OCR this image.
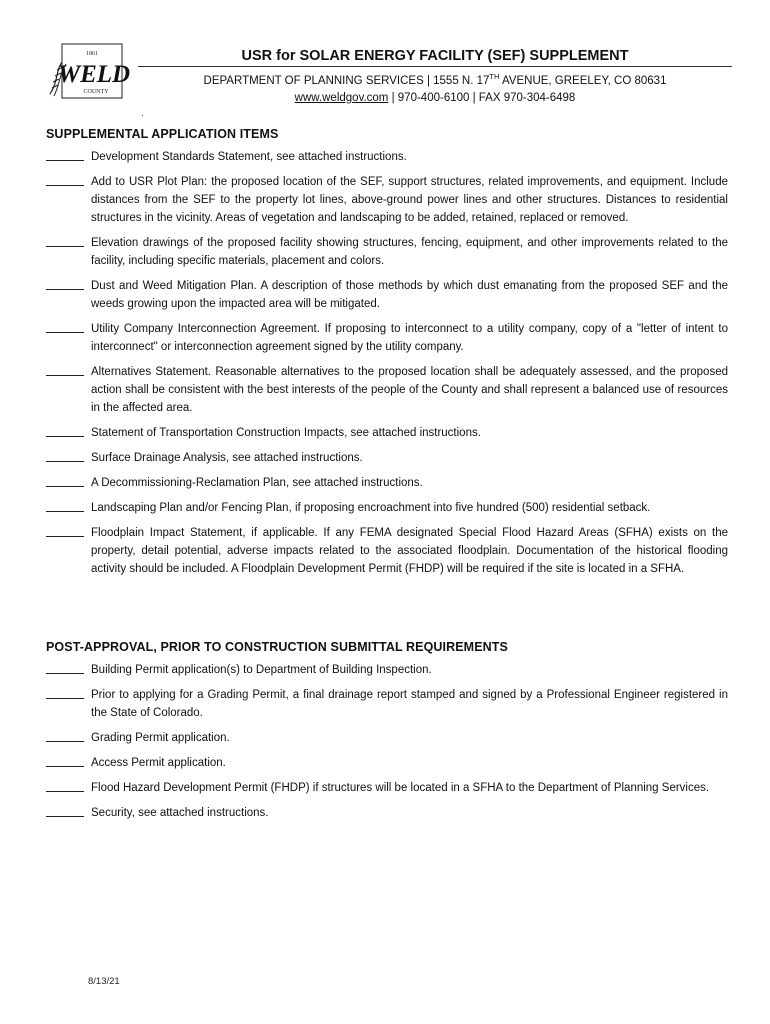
1861
WELD
COUNTY

USR for SOLAR ENERGY FACILITY (SEF) SUPPLEMENT

DEPARTMENT OF PLANNING SERVICES | 1555 N. 17TH AVENUE, GREELEY, CO 80631
www.weldgov.com | 970-400-6100 | FAX 970-304-6498
.
SUPPLEMENTAL APPLICATION ITEMS
Development Standards Statement, see attached instructions.
Add to USR Plot Plan: the proposed location of the SEF, support structures, related improvements, and equipment. Include distances from the SEF to the property lot lines, above-ground power lines and other structures. Distances to residential structures in the vicinity. Areas of vegetation and landscaping to be added, retained, replaced or removed.
Elevation drawings of the proposed facility showing structures, fencing, equipment, and other improvements related to the facility, including specific materials, placement and colors.
Dust and Weed Mitigation Plan. A description of those methods by which dust emanating from the proposed SEF and the weeds growing upon the impacted area will be mitigated.
Utility Company Interconnection Agreement. If proposing to interconnect to a utility company, copy of a "letter of intent to interconnect" or interconnection agreement signed by the utility company.
Alternatives Statement. Reasonable alternatives to the proposed location shall be adequately assessed, and the proposed action shall be consistent with the best interests of the people of the County and shall represent a balanced use of resources in the affected area.
Statement of Transportation Construction Impacts, see attached instructions.
Surface Drainage Analysis, see attached instructions.
A Decommissioning-Reclamation Plan, see attached instructions.
Landscaping Plan and/or Fencing Plan, if proposing encroachment into five hundred (500) residential setback.
Floodplain Impact Statement, if applicable. If any FEMA designated Special Flood Hazard Areas (SFHA) exists on the property, detail potential, adverse impacts related to the associated floodplain. Documentation of the historical flooding activity should be included. A Floodplain Development Permit (FHDP) will be required if the site is located in a SFHA.
POST-APPROVAL, PRIOR TO CONSTRUCTION SUBMITTAL REQUIREMENTS
Building Permit application(s) to Department of Building Inspection.
Prior to applying for a Grading Permit, a final drainage report stamped and signed by a Professional Engineer registered in the State of Colorado.
Grading Permit application.
Access Permit application.
Flood Hazard Development Permit (FHDP) if structures will be located in a SFHA to the Department of Planning Services.
Security, see attached instructions.
8/13/21
